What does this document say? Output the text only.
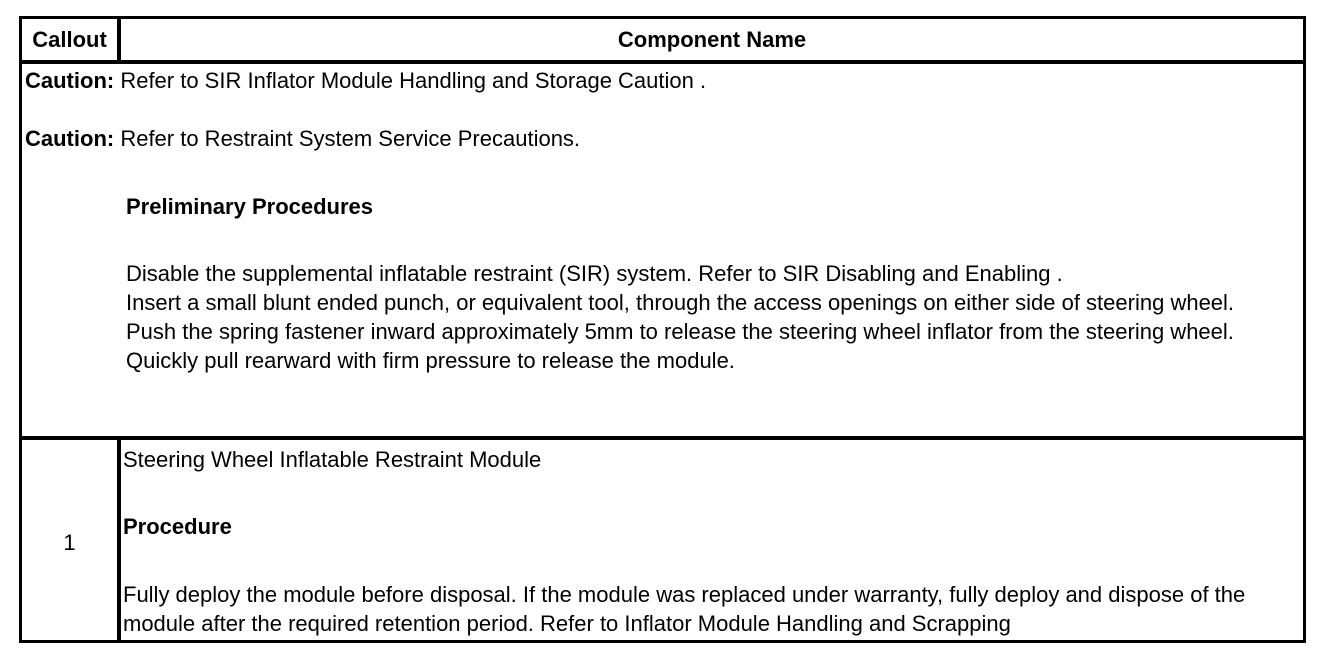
Callout	Component Name
Caution: Refer to SIR Inflator Module Handling and Storage Caution .
Caution: Refer to Restraint System Service Precautions.
Preliminary Procedures
Disable the supplemental inflatable restraint (SIR) system. Refer to SIR Disabling and Enabling .
Insert a small blunt ended punch, or equivalent tool, through the access openings on either side of steering wheel.
Push the spring fastener inward approximately 5mm to release the steering wheel inflator from the steering wheel.
Quickly pull rearward with firm pressure to release the module.
1
Steering Wheel Inflatable Restraint Module
Procedure
Fully deploy the module before disposal. If the module was replaced under warranty, fully deploy and dispose of the module after the required retention period. Refer to Inflator Module Handling and Scrapping
